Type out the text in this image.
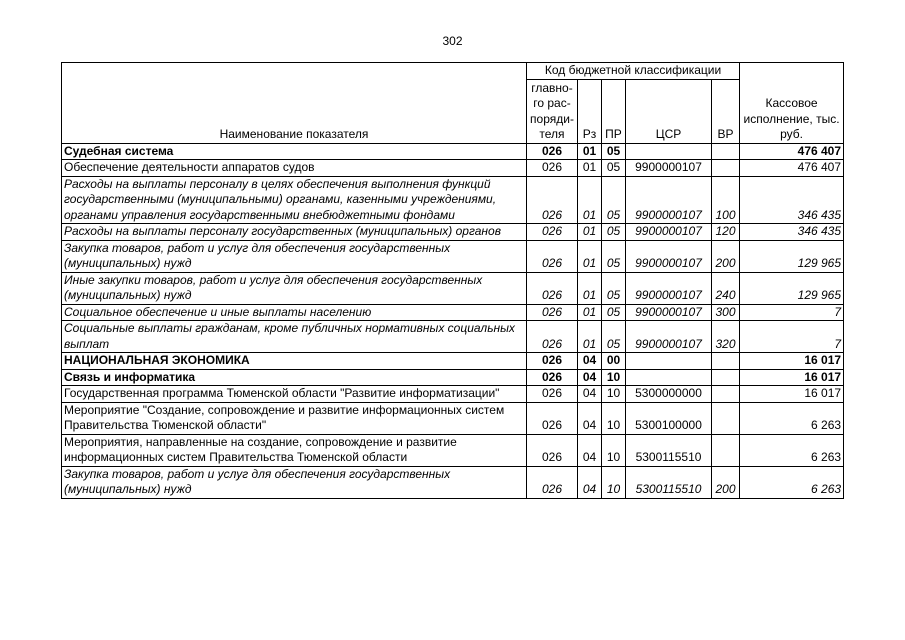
302
Наименование показателя	Код бюджетной классификации					Кассовое исполнение, тыс. руб.
	главно-го рас-поряди-теля	Рз	ПР	ЦСР	ВР	
Судебная система	026	01	05			476 407
Обеспечение деятельности аппаратов судов	026	01	05	9900000107		476 407
Расходы на выплаты персоналу в целях обеспечения выполнения функций государственными (муниципальными) органами, казенными учреждениями, органами управления государственными внебюджетными фондами	026	01	05	9900000107	100	346 435
Расходы на выплаты персоналу государственных (муниципальных) органов	026	01	05	9900000107	120	346 435
Закупка товаров, работ и услуг для обеспечения государственных (муниципальных) нужд	026	01	05	9900000107	200	129 965
Иные закупки товаров, работ и услуг для обеспечения государственных (муниципальных) нужд	026	01	05	9900000107	240	129 965
Социальное обеспечение и иные выплаты населению	026	01	05	9900000107	300	7
Социальные выплаты гражданам, кроме публичных нормативных социальных выплат	026	01	05	9900000107	320	7
НАЦИОНАЛЬНАЯ ЭКОНОМИКА	026	04	00			16 017
Связь и информатика	026	04	10			16 017
Государственная программа Тюменской области "Развитие информатизации"	026	04	10	5300000000		16 017
Мероприятие "Создание, сопровождение и развитие информационных систем Правительства Тюменской области"	026	04	10	5300100000		6 263
Мероприятия, направленные на создание, сопровождение и развитие информационных систем Правительства Тюменской области	026	04	10	5300115510		6 263
Закупка товаров, работ и услуг для обеспечения государственных (муниципальных) нужд	026	04	10	5300115510	200	6 263
